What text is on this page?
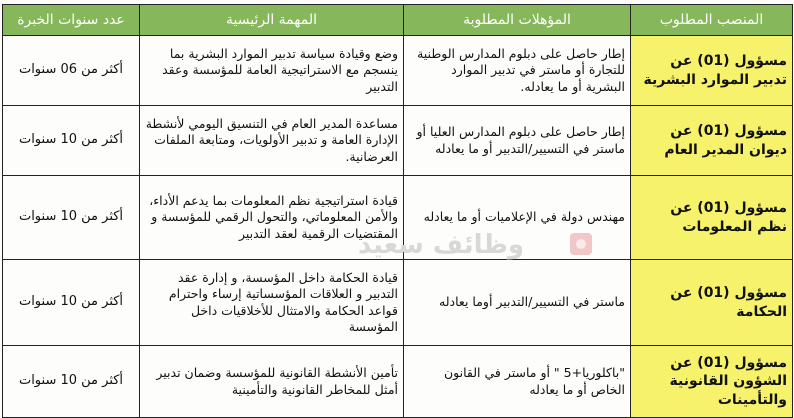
المنصب المطلوب	المؤهلات المطلوبة	المهمة الرئيسية	عدد سنوات الخبرة
مسؤول (01) عن تدبير الموارد البشرية	إطار حاصل على دبلوم المدارس الوطنية للتجارة أو ماستر في تدبير الموارد البشرية أو ما يعادله.	وضع وقيادة سياسة تدبير الموارد البشرية بما ينسجم مع الاستراتيجية العامة للمؤسسة وعقد التدبير	أكثر من 06 سنوات
مسؤول (01) عن ديوان المدير العام	إطار حاصل على دبلوم المدارس العليا أو ماستر في التسيير/التدبير أو ما يعادله	مساعدة المدير العام في التنسيق اليومي لأنشطة الإدارة العامة و تدبير الأولويات، ومتابعة الملفات العرضانية.	أكثر من 10 سنوات
مسؤول (01) عن نظم المعلومات	مهندس دولة في الإعلاميات أو ما يعادله	قيادة استراتيجية نظم المعلومات بما يدعم الأداء، والأمن المعلوماتي، والتحول الرقمي للمؤسسة و المقتضيات الرقمية لعقد التدبير	أكثر من 10 سنوات
مسؤول (01) عن الحكامة	ماستر في التسيير/التدبير أوما يعادله	قيادة الحكامة داخل المؤسسة، و إدارة عقد التدبير و العلاقات المؤسساتية إرساء واحترام قواعد الحكامة والامتثال للأخلاقيات داخل المؤسسة	أكثر من 10 سنوات
مسؤول (01) عن الشؤون القانونية والتأمينات	"باكلوريا+5 " أو ماستر في القانون الخاص أو ما يعادله	تأمين الأنشطة القانونية للمؤسسة وضمان تدبير أمثل للمخاطر القانونية والتأمينية	أكثر من 10 سنوات
وظائف سعيد
